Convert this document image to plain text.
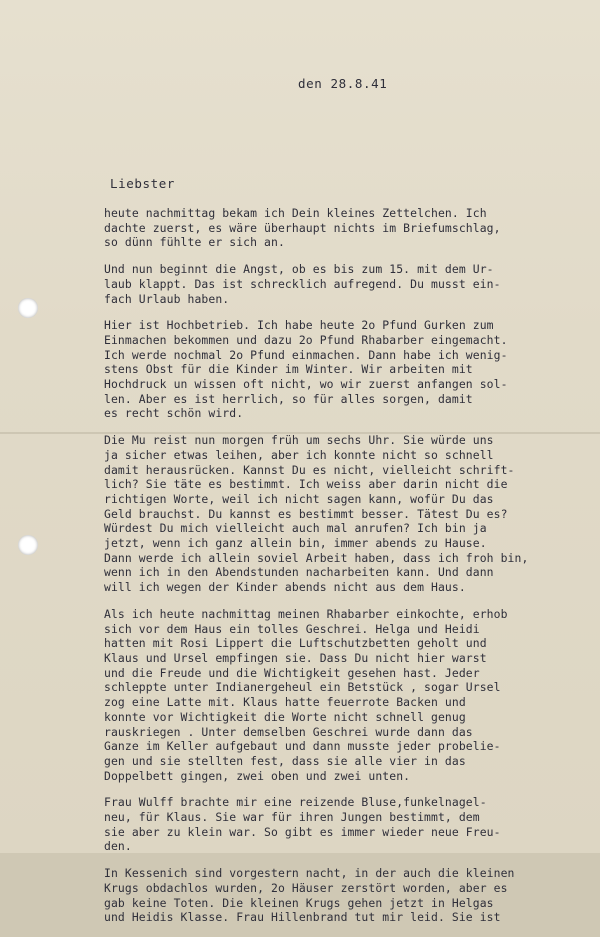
den 28.8.41
Liebster
heute nachmittag bekam ich Dein kleines Zettelchen. Ich
dachte zuerst, es wäre überhaupt nichts im Briefumschlag,
so dünn fühlte er sich an.
Und nun beginnt die Angst, ob es bis zum 15. mit dem Ur-
laub klappt. Das ist schrecklich aufregend. Du musst ein-
fach Urlaub haben.
Hier ist Hochbetrieb. Ich habe heute 2o Pfund Gurken zum
Einmachen bekommen und dazu 2o Pfund Rhabarber eingemacht.
Ich werde nochmal 2o Pfund einmachen. Dann habe ich wenig-
stens Obst für die Kinder im Winter. Wir arbeiten mit
Hochdruck un wissen oft nicht, wo wir zuerst anfangen sol-
len. Aber es ist herrlich, so für alles sorgen, damit
es recht schön wird.
Die Mu reist nun morgen früh um sechs Uhr. Sie würde uns
ja sicher etwas leihen, aber ich konnte nicht so schnell
damit herausrücken. Kannst Du es nicht, vielleicht schrift-
lich? Sie täte es bestimmt. Ich weiss aber darin nicht die
richtigen Worte, weil ich nicht sagen kann, wofür Du das
Geld brauchst. Du kannst es bestimmt besser. Tätest Du es?
Würdest Du mich vielleicht auch mal anrufen? Ich bin ja
jetzt, wenn ich ganz allein bin, immer abends zu Hause.
Dann werde ich allein soviel Arbeit haben, dass ich froh bin,
wenn ich in den Abendstunden nacharbeiten kann. Und dann
will ich wegen der Kinder abends nicht aus dem Haus.
Als ich heute nachmittag meinen Rhabarber einkochte, erhob
sich vor dem Haus ein tolles Geschrei. Helga und Heidi
hatten mit Rosi Lippert die Luftschutzbetten geholt und
Klaus und Ursel empfingen sie. Dass Du nicht hier warst
und die Freude und die Wichtigkeit gesehen hast. Jeder
schleppte unter Indianergeheul ein Betstück , sogar Ursel
zog eine Latte mit. Klaus hatte feuerrote Backen und
konnte vor Wichtigkeit die Worte nicht schnell genug
rauskriegen . Unter demselben Geschrei wurde dann das
Ganze im Keller aufgebaut und dann musste jeder probelie-
gen und sie stellten fest, dass sie alle vier in das
Doppelbett gingen, zwei oben und zwei unten.
Frau Wulff brachte mir eine reizende Bluse,funkelnagel-
neu, für Klaus. Sie war für ihren Jungen bestimmt, dem
sie aber zu klein war. So gibt es immer wieder neue Freu-
den.
In Kessenich sind vorgestern nacht, in der auch die kleinen
Krugs obdachlos wurden, 2o Häuser zerstört worden, aber es
gab keine Toten. Die kleinen Krugs gehen jetzt in Helgas
und Heidis Klasse. Frau Hillenbrand tut mir leid. Sie ist
